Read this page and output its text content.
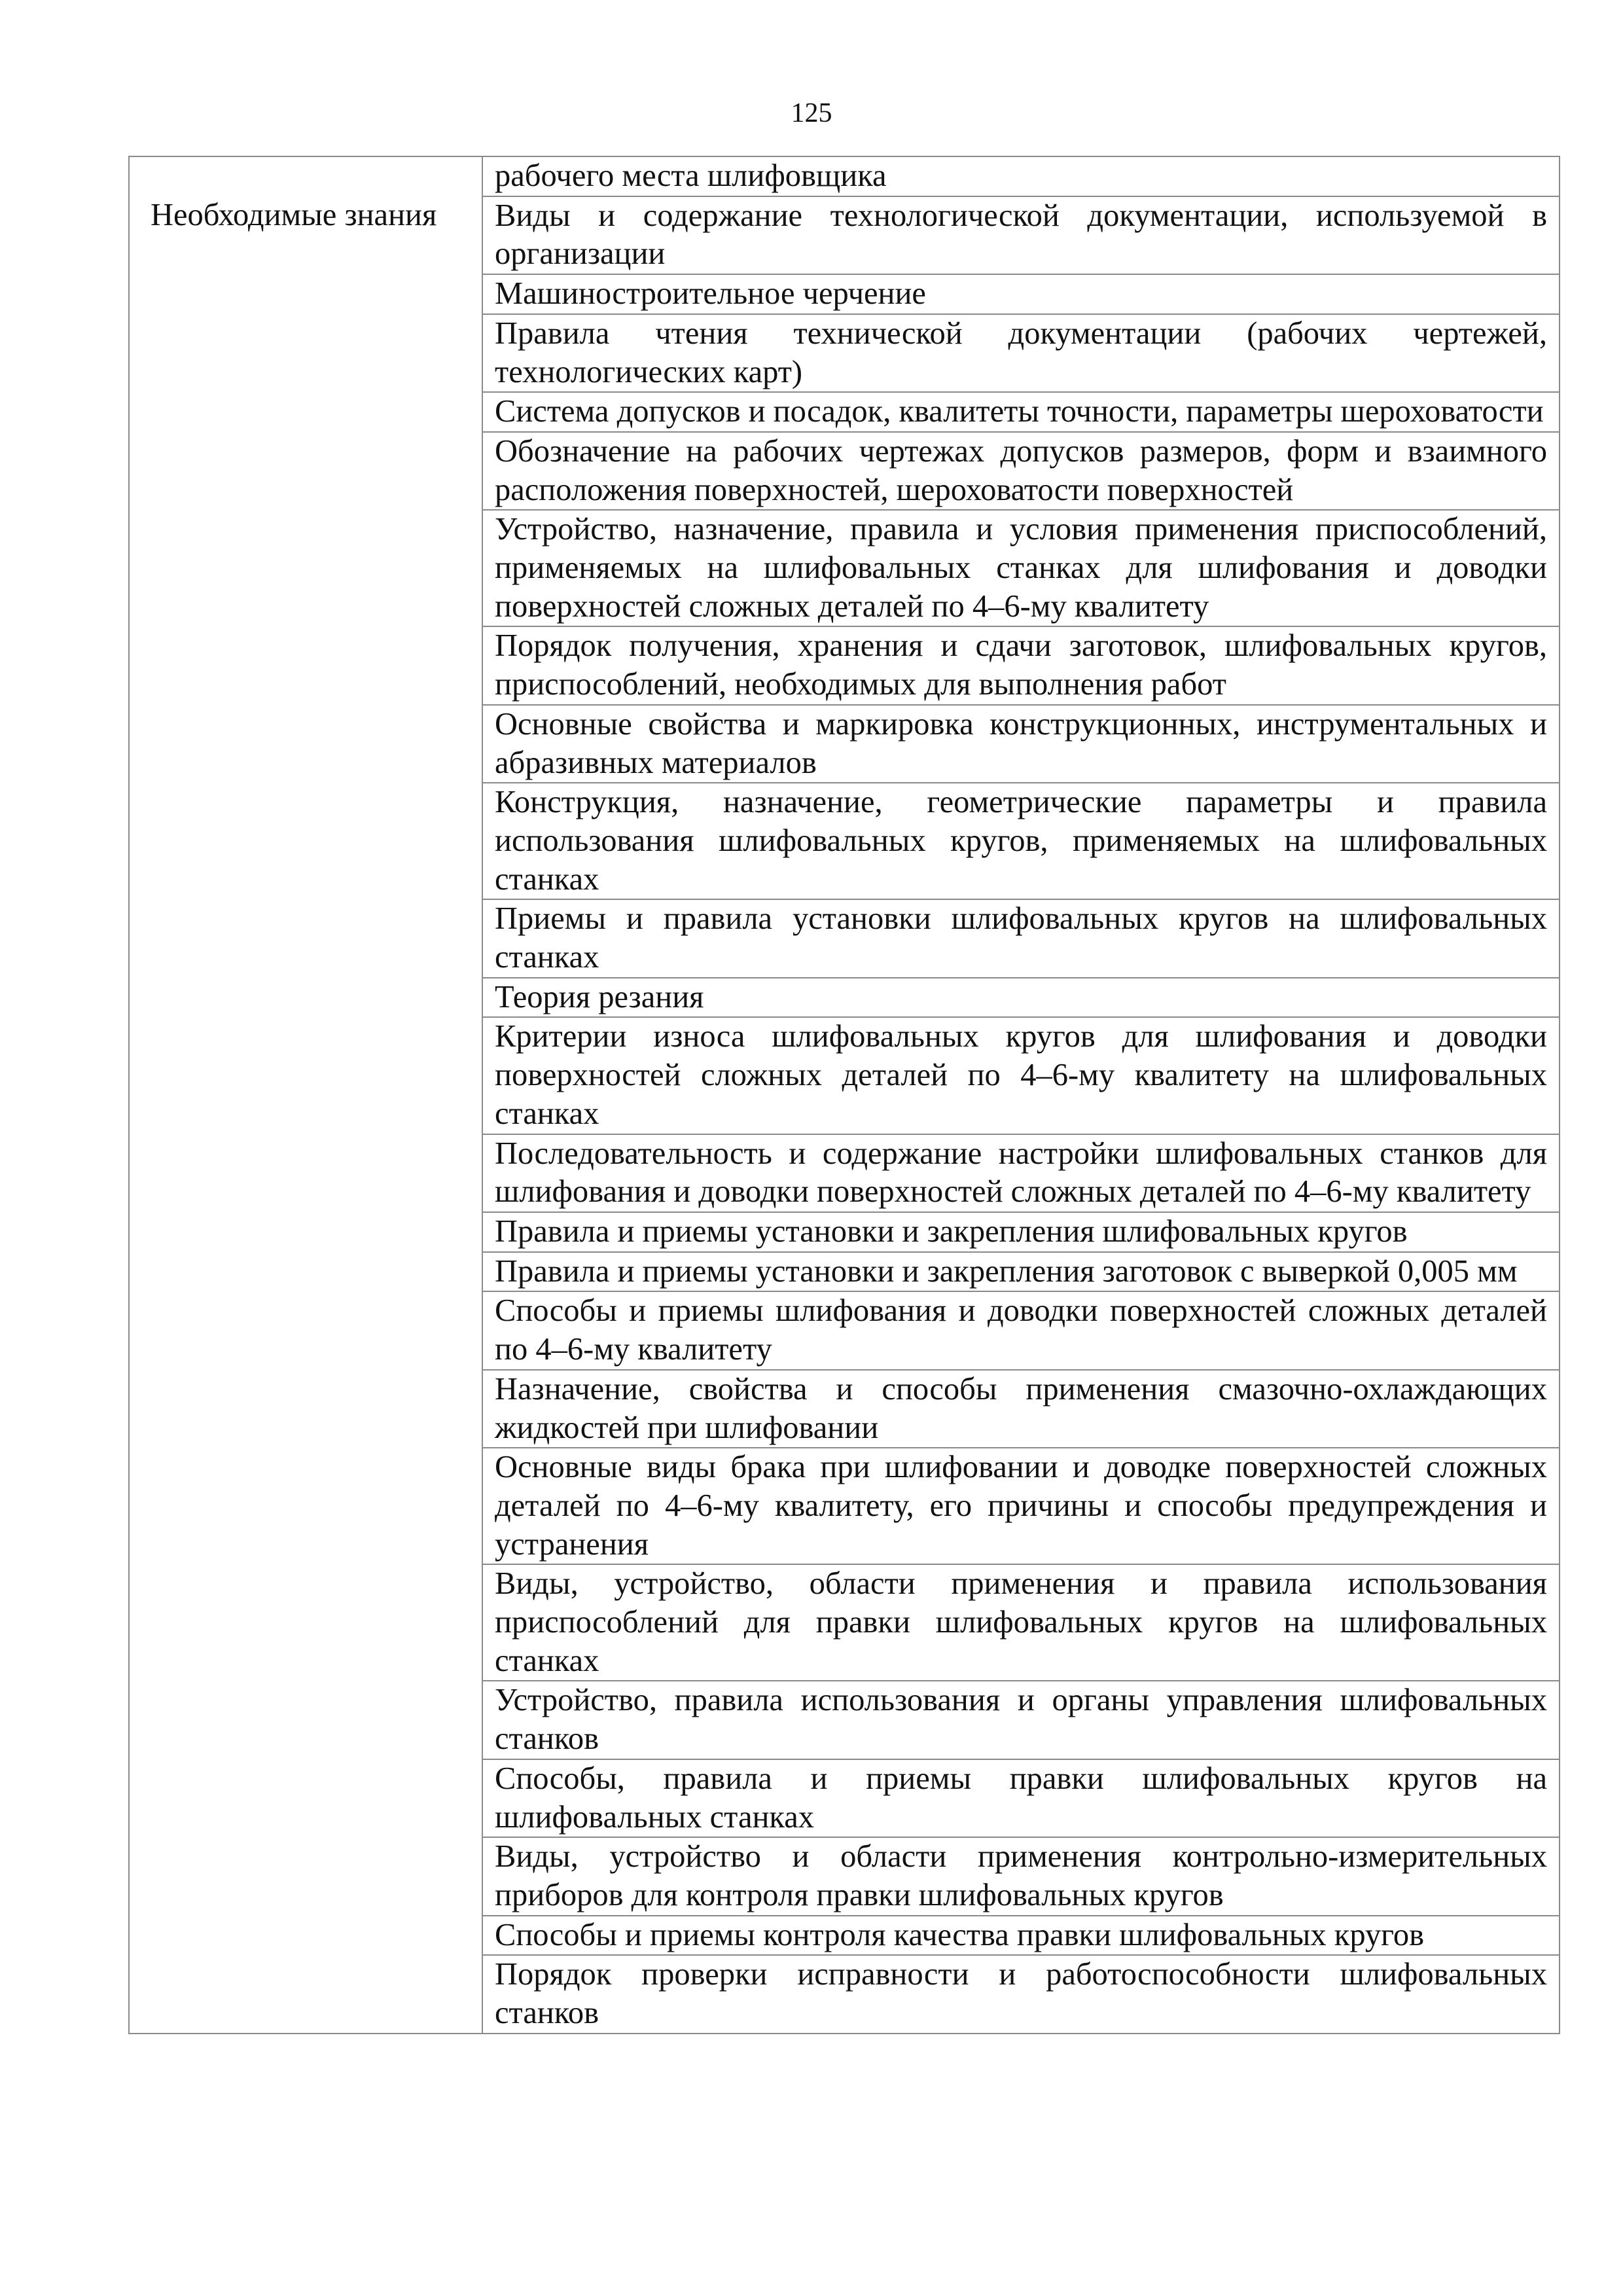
125

	рабочего места шлифовщика

Необходимые знания	Виды и содержание технологической документации, используемой в организации

	Машиностроительное черчение

	Правила чтения технической документации (рабочих чертежей, технологических карт)

	Система допусков и посадок, квалитеты точности, параметры шероховатости

	Обозначение на рабочих чертежах допусков размеров, форм и взаимного расположения поверхностей, шероховатости поверхностей

	Устройство, назначение, правила и условия применения приспособлений, применяемых на шлифовальных станках для шлифования и доводки поверхностей сложных деталей по 4–6-му квалитету

	Порядок получения, хранения и сдачи заготовок, шлифовальных кругов, приспособлений, необходимых для выполнения работ

	Основные свойства и маркировка конструкционных, инструментальных и абразивных материалов

	Конструкция, назначение, геометрические параметры и правила использования шлифовальных кругов, применяемых на шлифовальных станках

	Приемы и правила установки шлифовальных кругов на шлифовальных станках

	Теория резания

	Критерии износа шлифовальных кругов для шлифования и доводки поверхностей сложных деталей по 4–6-му квалитету на шлифовальных станках

	Последовательность и содержание настройки шлифовальных станков для шлифования и доводки поверхностей сложных деталей по 4–6-му квалитету

	Правила и приемы установки и закрепления шлифовальных кругов

	Правила и приемы установки и закрепления заготовок с выверкой 0,005 мм

	Способы и приемы шлифования и доводки поверхностей сложных деталей по 4–6-му квалитету

	Назначение, свойства и способы применения смазочно-охлаждающих жидкостей при шлифовании

	Основные виды брака при шлифовании и доводке поверхностей сложных деталей по 4–6-му квалитету, его причины и способы предупреждения и устранения

	Виды, устройство, области применения и правила использования приспособлений для правки шлифовальных кругов на шлифовальных станках

	Устройство, правила использования и органы управления шлифовальных станков

	Способы, правила и приемы правки шлифовальных кругов на шлифовальных станках

	Виды, устройство и области применения контрольно-измерительных приборов для контроля правки шлифовальных кругов

	Способы и приемы контроля качества правки шлифовальных кругов

	Порядок проверки исправности и работоспособности шлифовальных станков
